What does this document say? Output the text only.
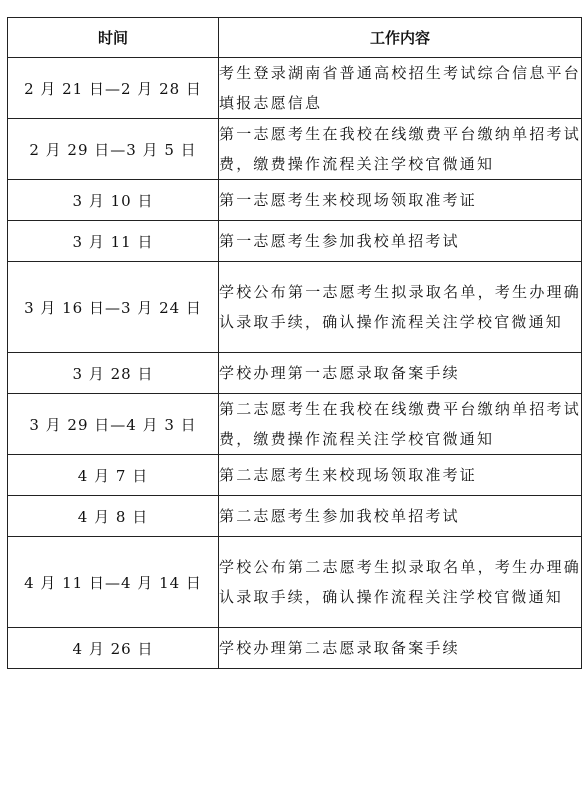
时间	工作内容
2 月 21 日—2 月 28 日	考生登录湖南省普通高校招生考试综合信息平台填报志愿信息
2 月 29 日—3 月 5 日	第一志愿考生在我校在线缴费平台缴纳单招考试费，缴费操作流程关注学校官微通知
3 月 10 日	第一志愿考生来校现场领取准考证
3 月 11 日	第一志愿考生参加我校单招考试
3 月 16 日—3 月 24 日	学校公布第一志愿考生拟录取名单，考生办理确认录取手续，确认操作流程关注学校官微通知
3 月 28 日	学校办理第一志愿录取备案手续
3 月 29 日—4 月 3 日	第二志愿考生在我校在线缴费平台缴纳单招考试费，缴费操作流程关注学校官微通知
4 月 7 日	第二志愿考生来校现场领取准考证
4 月 8 日	第二志愿考生参加我校单招考试
4 月 11 日—4 月 14 日	学校公布第二志愿考生拟录取名单，考生办理确认录取手续，确认操作流程关注学校官微通知
4 月 26 日	学校办理第二志愿录取备案手续
